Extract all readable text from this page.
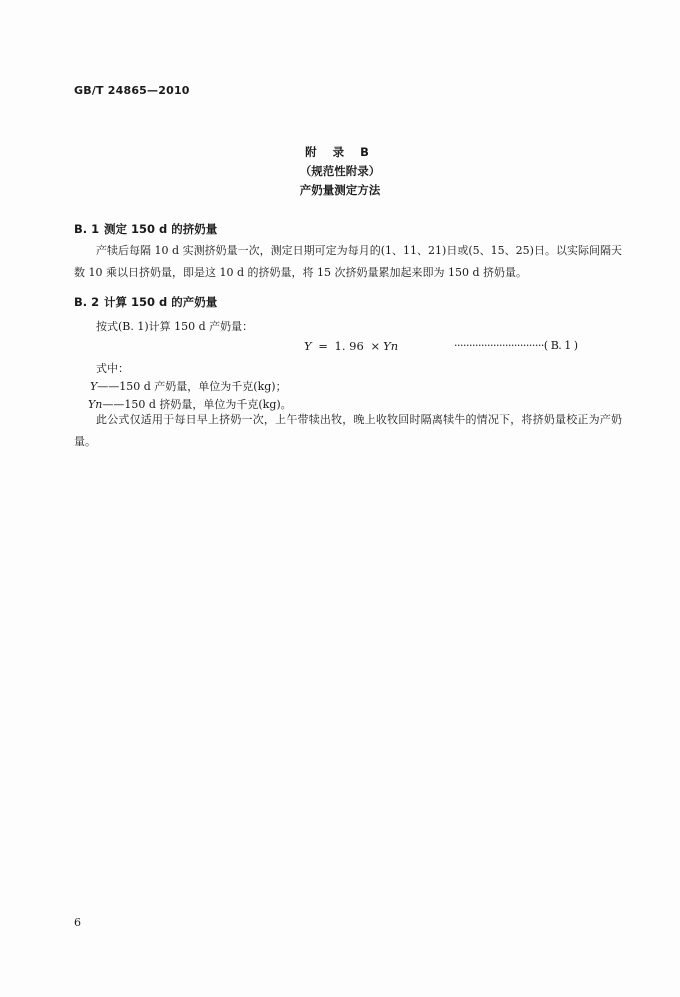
GB/T 24865—2010
附 录 B
（规范性附录）
产奶量测定方法
B. 1 测定 150 d 的挤奶量
产犊后每隔 10 d 实测挤奶量一次，测定日期可定为每月的(1、11、21)日或(5、15、25)日。以实际间隔天数 10 乘以日挤奶量，即是这 10 d 的挤奶量，将 15 次挤奶量累加起来即为 150 d 挤奶量。
B. 2 计算 150 d 的产奶量
按式(B. 1)计算 150 d 产奶量：
Y = 1. 96 × Yn	······························( B. 1 )
式中：
Y——150 d 产奶量，单位为千克(kg)；
Yn——150 d 挤奶量，单位为千克(kg)。
此公式仅适用于每日早上挤奶一次，上午带犊出牧，晚上收牧回时隔离犊牛的情况下，将挤奶量校正为产奶量。
6
